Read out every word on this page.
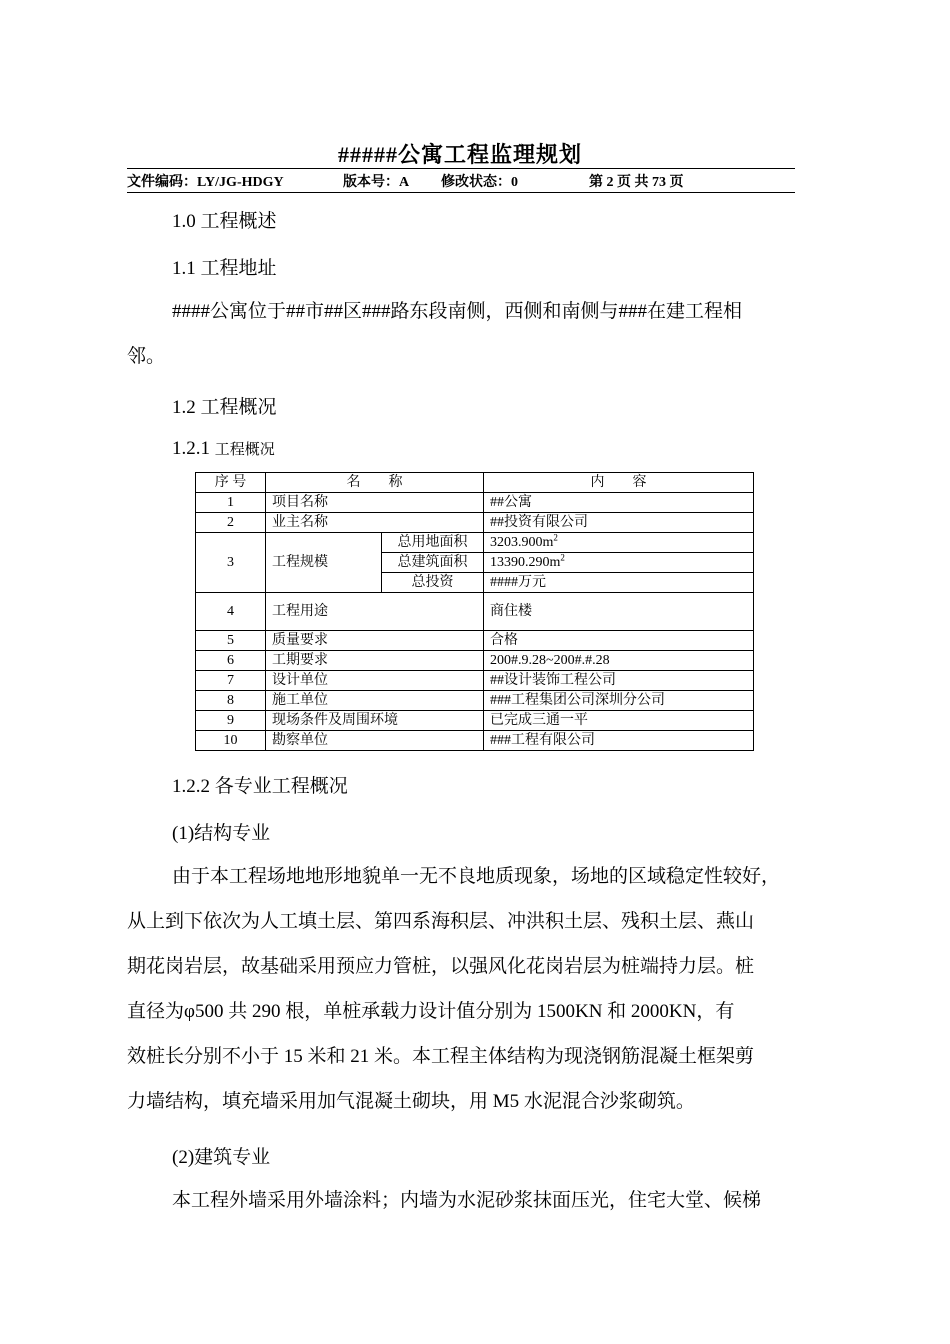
#####公寓工程监理规划
文件编码：LY/JG-HDGY	版本号：A 修改状态：0	第 2 页 共 73 页
1.0 工程概述
1.1 工程地址
####公寓位于##市##区###路东段南侧，西侧和南侧与###在建工程相
邻。
1.2 工程概况
1.2.1 工程概况
序 号	名　　称		内　　容
1	项目名称		##公寓
2	业主名称		##投资有限公司
3	工程规模	总用地面积	$3203.900m^2$
		总建筑面积	$13390.290m^2$
		总投资	####万元
4	工程用途		商住楼
5	质量要求		合格
6	工期要求		200#.9.28~200#.#.28
7	设计单位		##设计装饰工程公司
8	施工单位		###工程集团公司深圳分公司
9	现场条件及周围环境		已完成三通一平
10	勘察单位		###工程有限公司
1.2.2 各专业工程概况
(1)结构专业
由于本工程场地地形地貌单一无不良地质现象，场地的区域稳定性较好，
从上到下依次为人工填土层、第四系海积层、冲洪积土层、残积土层、燕山
期花岗岩层，故基础采用预应力管桩，以强风化花岗岩层为桩端持力层。桩
直径为φ500 共 290 根，单桩承载力设计值分别为 1500KN 和 2000KN，有
效桩长分别不小于 15 米和 21 米。本工程主体结构为现浇钢筋混凝土框架剪
力墙结构，填充墙采用加气混凝土砌块，用 M5 水泥混合沙浆砌筑。
(2)建筑专业
本工程外墙采用外墙涂料；内墙为水泥砂浆抹面压光，住宅大堂、候梯
